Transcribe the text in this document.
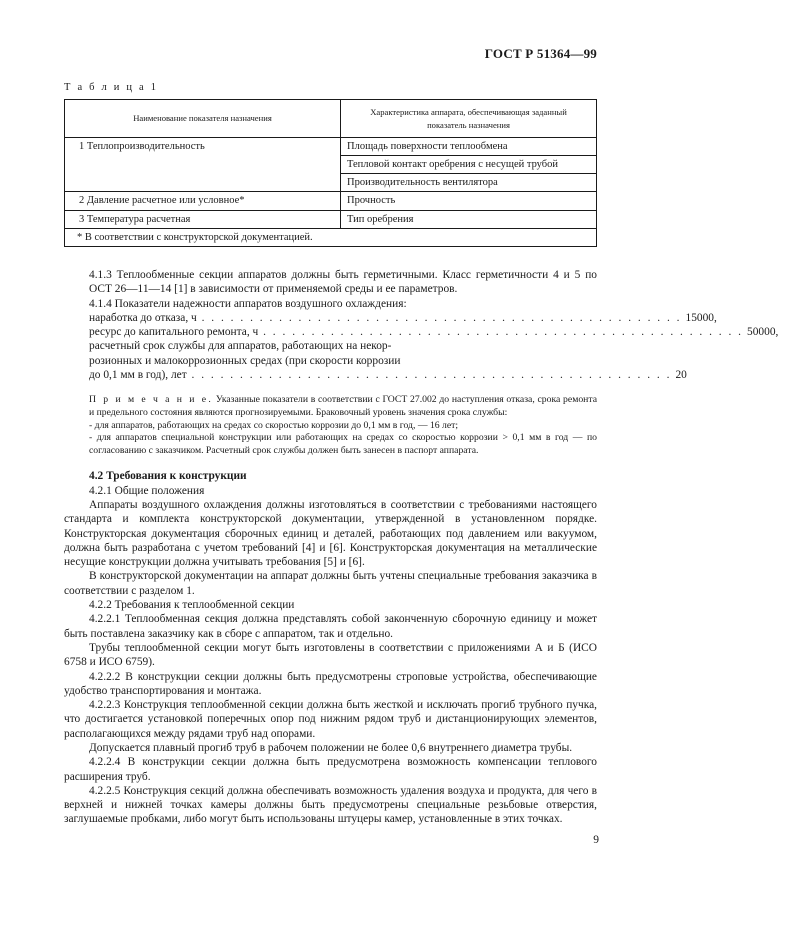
ГОСТ Р 51364—99
Т а б л и ц а 1
Наименование показателя назначения	Характеристика аппарата, обеспечивающая заданный
показатель назначения
1 Теплопроизводительность	Площадь поверхности теплообмена
	Тепловой контакт оребрения с несущей трубой
	Производительность вентилятора
2 Давление расчетное или условное*	Прочность
3 Температура расчетная	Тип оребрения
* В соответствии с конструкторской документацией.	

4.1.3 Теплообменные секции аппаратов должны быть герметичными. Класс герметичности 4 и 5 по ОСТ 26—11—14 [1] в зависимости от применяемой среды и ее параметров.

4.1.4 Показатели надежности аппаратов воздушного охлаждения:

наработка до отказа, ч . . . . . . . . . . . . . . . . . . . . . . . . . . . . . . . . . . . . . . . . . . . . . . . . . . 15000,
ресурс до капитального ремонта, ч . . . . . . . . . . . . . . . . . . . . . . . . . . . . . . . . . . . . . . . . . . . . . . . . . . 50000,

расчетный срок службы для аппаратов, работающих на некор-

розионных и малокоррозионных средах (при скорости коррозии

до 0,1 мм в год), лет . . . . . . . . . . . . . . . . . . . . . . . . . . . . . . . . . . . . . . . . . . . . . . . . . . 20

П р и м е ч а н и е. Указанные показатели в соответствии с ГОСТ 27.002 до наступления отказа, срока ремонта и предельного состояния являются прогнозируемыми. Браковочный уровень значения срока службы:

- для аппаратов, работающих на средах со скоростью коррозии до 0,1 мм в год, — 16 лет;

- для аппаратов специальной конструкции или работающих на средах со скоростью коррозии > 0,1 мм в год — по согласованию с заказчиком. Расчетный срок службы должен быть занесен в паспорт аппарата.

4.2 Требования к конструкции

4.2.1 Общие положения

Аппараты воздушного охлаждения должны изготовляться в соответствии с требованиями настоящего стандарта и комплекта конструкторской документации, утвержденной в установленном порядке. Конструкторская документация сборочных единиц и деталей, работающих под давлением или вакуумом, должна быть разработана с учетом требований [4] и [6]. Конструкторская документация на металлические несущие конструкции должна учитывать требования [5] и [6].

В конструкторской документации на аппарат должны быть учтены специальные требования заказчика в соответствии с разделом 1.

4.2.2 Требования к теплообменной секции

4.2.2.1 Теплообменная секция должна представлять собой законченную сборочную единицу и может быть поставлена заказчику как в сборе с аппаратом, так и отдельно.

Трубы теплообменной секции могут быть изготовлены в соответствии с приложениями А и Б (ИСО 6758 и ИСО 6759).

4.2.2.2 В конструкции секции должны быть предусмотрены строповые устройства, обеспечивающие удобство транспортирования и монтажа.

4.2.2.3 Конструкция теплообменной секции должна быть жесткой и исключать прогиб трубного пучка, что достигается установкой поперечных опор под нижним рядом труб и дистанционирующих элементов, располагающихся между рядами труб над опорами.

Допускается плавный прогиб труб в рабочем положении не более 0,6 внутреннего диаметра трубы.

4.2.2.4 В конструкции секции должна быть предусмотрена возможность компенсации теплового расширения труб.

4.2.2.5 Конструкция секций должна обеспечивать возможность удаления воздуха и продукта, для чего в верхней и нижней точках камеры должны быть предусмотрены специальные резьбовые отверстия, заглушаемые пробками, либо могут быть использованы штуцеры камер, установленные в этих точках.

9
